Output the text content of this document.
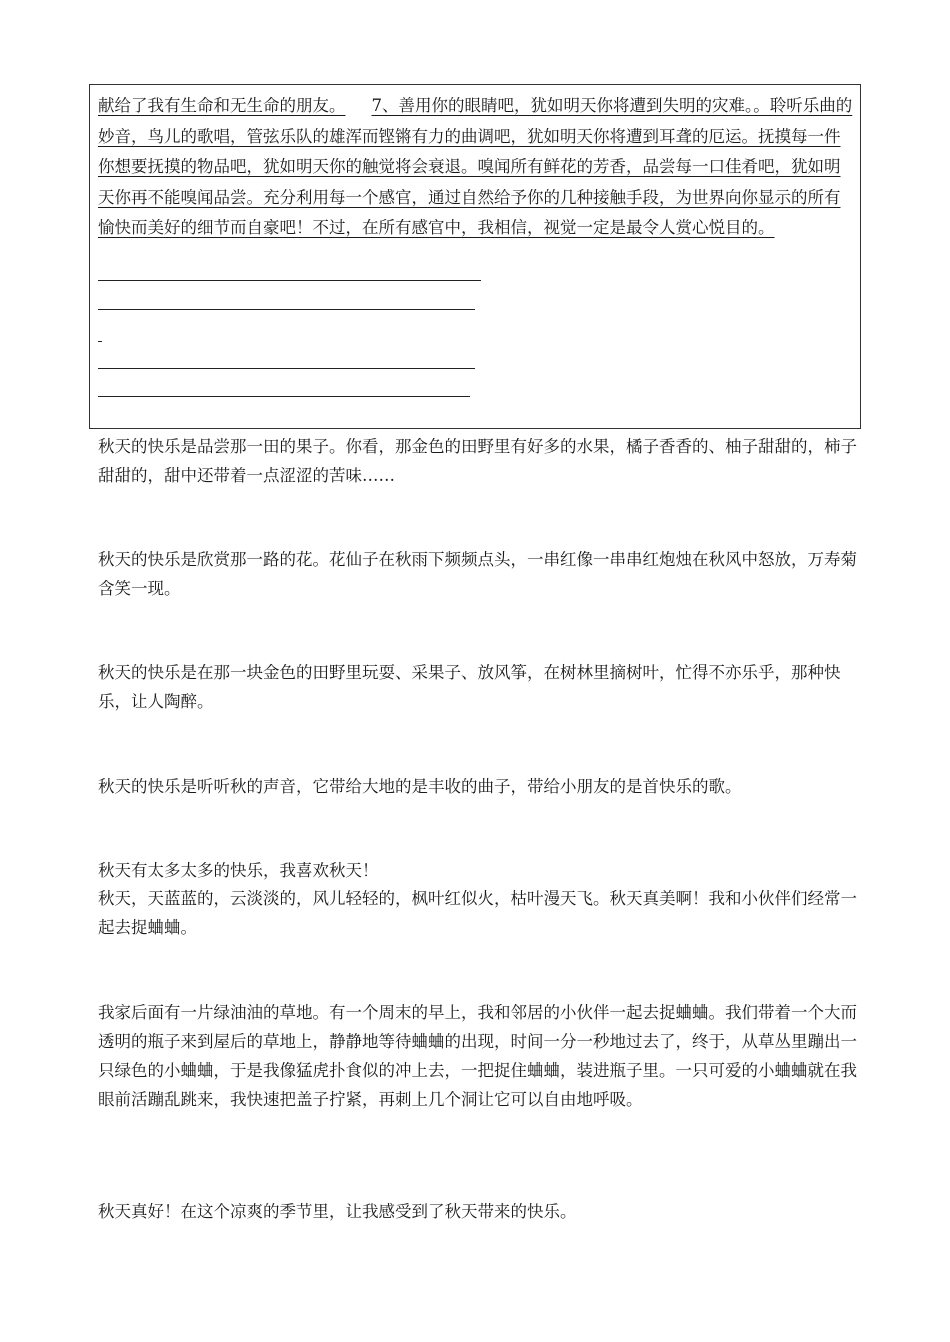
献给了我有生命和无生命的朋友。 7、善用你的眼睛吧，犹如明天你将遭到失明的灾难。。聆听乐曲的妙音，鸟儿的歌唱，管弦乐队的雄浑而铿锵有力的曲调吧，犹如明天你将遭到耳聋的厄运。抚摸每一件你想要抚摸的物品吧，犹如明天你的触觉将会衰退。嗅闻所有鲜花的芳香，品尝每一口佳肴吧，犹如明天你再不能嗅闻品尝。充分利用每一个感官，通过自然给予你的几种接触手段，为世界向你显示的所有愉快而美好的细节而自豪吧！不过，在所有感官中，我相信，视觉一定是最令人赏心悦目的。

秋天的快乐是品尝那一田的果子。你看，那金色的田野里有好多的水果，橘子香香的、柚子甜甜的，柿子甜甜的，甜中还带着一点涩涩的苦味……

秋天的快乐是欣赏那一路的花。花仙子在秋雨下频频点头，一串红像一串串红炮烛在秋风中怒放，万寿菊含笑一现。

秋天的快乐是在那一块金色的田野里玩耍、采果子、放风筝，在树林里摘树叶，忙得不亦乐乎，那种快乐，让人陶醉。

秋天的快乐是听听秋的声音，它带给大地的是丰收的曲子，带给小朋友的是首快乐的歌。

秋天有太多太多的快乐，我喜欢秋天！

秋天，天蓝蓝的，云淡淡的，风儿轻轻的，枫叶红似火，枯叶漫天飞。秋天真美啊！我和小伙伴们经常一起去捉蛐蛐。

我家后面有一片绿油油的草地。有一个周末的早上，我和邻居的小伙伴一起去捉蛐蛐。我们带着一个大而透明的瓶子来到屋后的草地上，静静地等待蛐蛐的出现，时间一分一秒地过去了，终于，从草丛里蹦出一只绿色的小蛐蛐，于是我像猛虎扑食似的冲上去，一把捉住蛐蛐，装进瓶子里。一只可爱的小蛐蛐就在我眼前活蹦乱跳来，我快速把盖子拧紧，再刺上几个洞让它可以自由地呼吸。

秋天真好！在这个凉爽的季节里，让我感受到了秋天带来的快乐。
